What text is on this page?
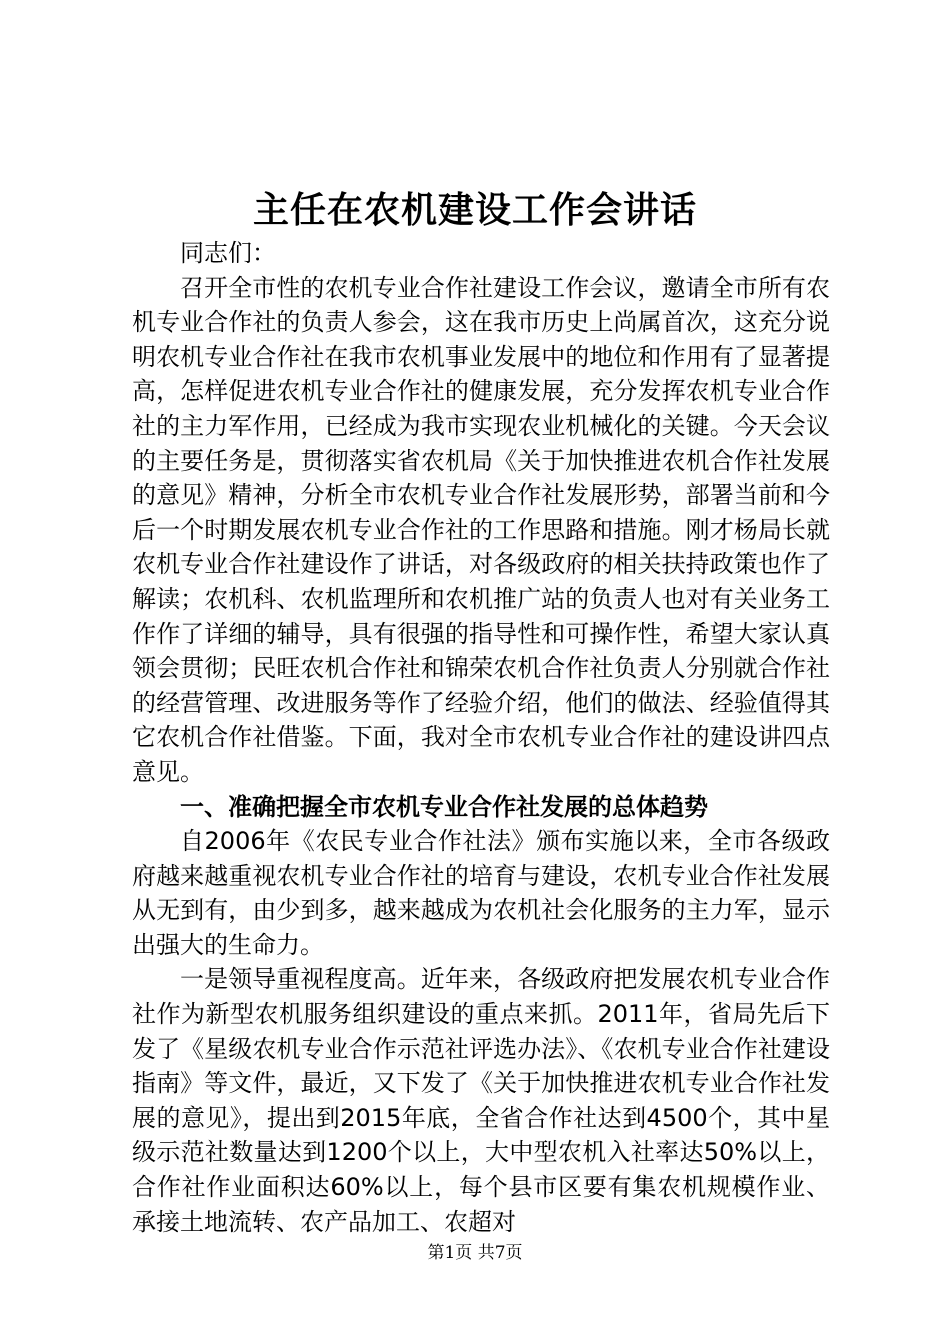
主任在农机建设工作会讲话

同志们：

召开全市性的农机专业合作社建设工作会议，邀请全市所有农机专业合作社的负责人参会，这在我市历史上尚属首次，这充分说明农机专业合作社在我市农机事业发展中的地位和作用有了显著提高，怎样促进农机专业合作社的健康发展，充分发挥农机专业合作社的主力军作用，已经成为我市实现农业机械化的关键。今天会议的主要任务是，贯彻落实省农机局《关于加快推进农机合作社发展的意见》精神，分析全市农机专业合作社发展形势，部署当前和今后一个时期发展农机专业合作社的工作思路和措施。刚才杨局长就农机专业合作社建设作了讲话，对各级政府的相关扶持政策也作了解读；农机科、农机监理所和农机推广站的负责人也对有关业务工作作了详细的辅导，具有很强的指导性和可操作性，希望大家认真领会贯彻；民旺农机合作社和锦荣农机合作社负责人分别就合作社的经营管理、改进服务等作了经验介绍，他们的做法、经验值得其它农机合作社借鉴。下面，我对全市农机专业合作社的建设讲四点意见。

一、准确把握全市农机专业合作社发展的总体趋势

自2006年《农民专业合作社法》颁布实施以来，全市各级政府越来越重视农机专业合作社的培育与建设，农机专业合作社发展从无到有，由少到多，越来越成为农机社会化服务的主力军，显示出强大的生命力。

一是领导重视程度高。近年来，各级政府把发展农机专业合作社作为新型农机服务组织建设的重点来抓。2011年，省局先后下发了《星级农机专业合作示范社评选办法》、《农机专业合作社建设指南》等文件，最近，又下发了《关于加快推进农机专业合作社发展的意见》，提出到2015年底，全省合作社达到4500个，其中星级示范社数量达到1200个以上，大中型农机入社率达50%以上，合作社作业面积达60%以上，每个县市区要有集农机规模作业、承接土地流转、农产品加工、农超对

第1页 共7页
